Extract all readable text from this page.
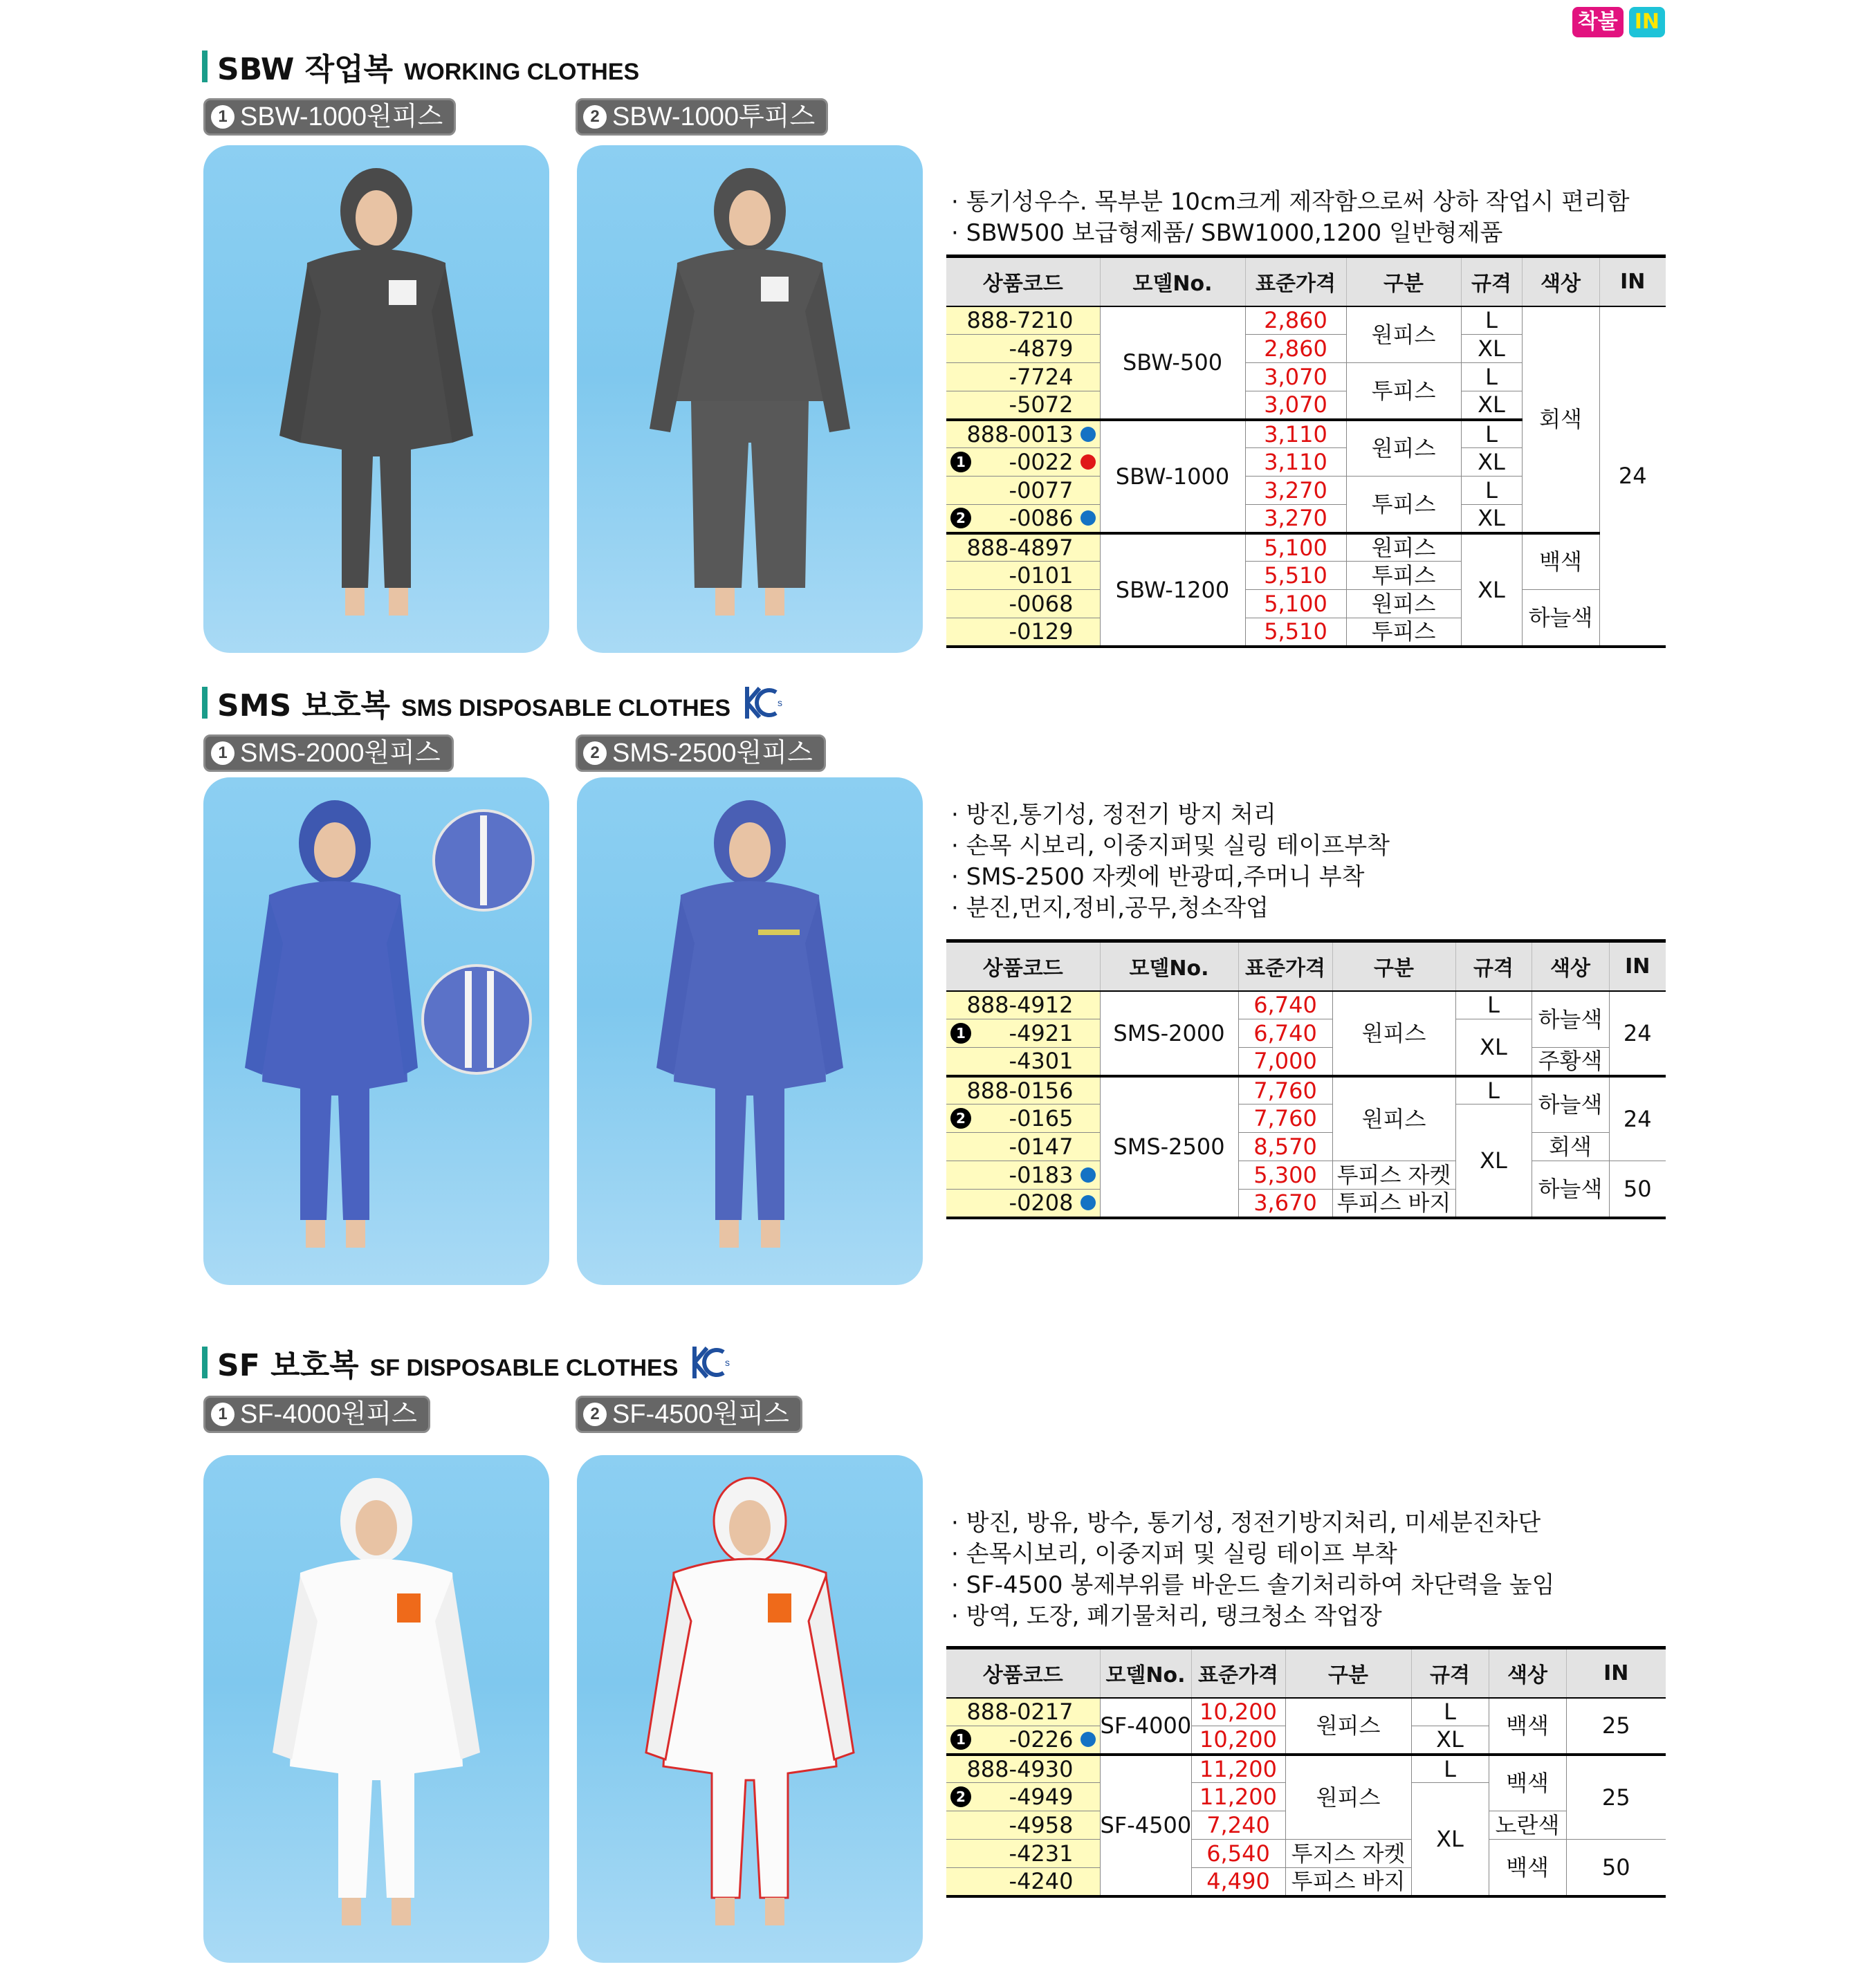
착불 IN
SBW 작업복 WORKING CLOTHES
1 SBW-1000원피스	2 SBW-1000투피스
· 통기성우수. 목부분 10cm크게 제작함으로써 상하 작업시 편리함
· SBW500 보급형제품/ SBW1000,1200 일반형제품
상품코드	모델No.	표준가격	구분	규격	색상	IN
888-7210	SBW-500	2,860	원피스	L	회색	24
-4879		2,860		XL		
-7724		3,070	투피스	L		
-5072		3,070		XL		
888-0013	SBW-1000	3,110	원피스	L		

1 -0022		3,110		XL		
-0077		3,270	투피스	L		

2 -0086		3,270		XL		
888-4897	SBW-1200	5,100	원피스	XL	백색	
-0101		5,510	투피스			
-0068		5,100	원피스		하늘색	
-0129		5,510	투피스			
SMS 보호복 SMS DISPOSABLE CLOTHES	s
1 SMS-2000원피스	2 SMS-2500원피스
· 방진,통기성, 정전기 방지 처리
· 손목 시보리, 이중지퍼및 실링 테이프부착
· SMS-2500 자켓에 반광띠,주머니 부착
· 분진,먼지,정비,공무,청소작업
상품코드	모델No.	표준가격	구분	규격	색상	IN
888-4912	SMS-2000	6,740	원피스	L	하늘색	24

1 -4921		6,740		XL		
-4301		7,000			주황색	
888-0156	SMS-2500	7,760	원피스	L	하늘색	24

2 -0165		7,760		XL		
-0147		8,570			회색	
-0183		5,300	투피스 자켓		하늘색	50
-0208		3,670	투피스 바지			
SF 보호복 SF DISPOSABLE CLOTHES	s
1 SF-4000원피스	2 SF-4500원피스
· 방진, 방유, 방수, 통기성, 정전기방지처리, 미세분진차단
· 손목시보리, 이중지퍼 및 실링 테이프 부착
· SF-4500 봉제부위를 바운드 솔기처리하여 차단력을 높임
· 방역, 도장, 폐기물처리, 탱크청소 작업장
상품코드	모델No.	표준가격	구분	규격	색상	IN
888-0217	SF-4000	10,200	원피스	L	백색	25

1 -0226		10,200		XL		
888-4930	SF-4500	11,200	원피스	L	백색	25

2 -4949		11,200		XL		
-4958		7,240			노란색	
-4231		6,540	투지스 자켓		백색	50
-4240		4,490	투피스 바지			
